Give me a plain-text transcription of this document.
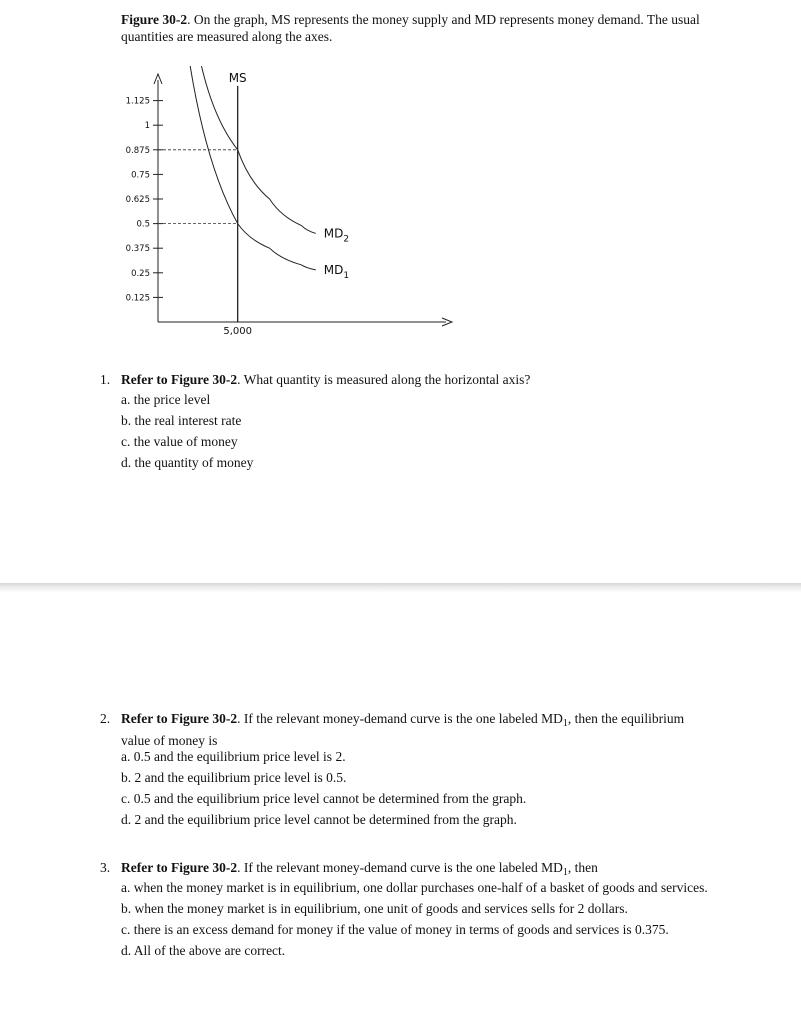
Figure 30-2. On the graph, MS represents the money supply and MD represents money demand. The usual quantities are measured along the axes.
1.125
1
0.875
0.75
0.625
0.5
0.375
0.25
0.125
5,000
MS
$MD_2$
$MD_1$
1. Refer to Figure 30-2. What quantity is measured along the horizontal axis?
a. the price level
b. the real interest rate
c. the value of money
d. the quantity of money
2. Refer to Figure 30-2. If the relevant money-demand curve is the one labeled $MD_1$, then the equilibrium value of money is
a. 0.5 and the equilibrium price level is 2.
b. 2 and the equilibrium price level is 0.5.
c. 0.5 and the equilibrium price level cannot be determined from the graph.
d. 2 and the equilibrium price level cannot be determined from the graph.
3. Refer to Figure 30-2. If the relevant money-demand curve is the one labeled $MD_1$, then
a. when the money market is in equilibrium, one dollar purchases one-half of a basket of goods and services.
b. when the money market is in equilibrium, one unit of goods and services sells for 2 dollars.
c. there is an excess demand for money if the value of money in terms of goods and services is 0.375.
d. All of the above are correct.
